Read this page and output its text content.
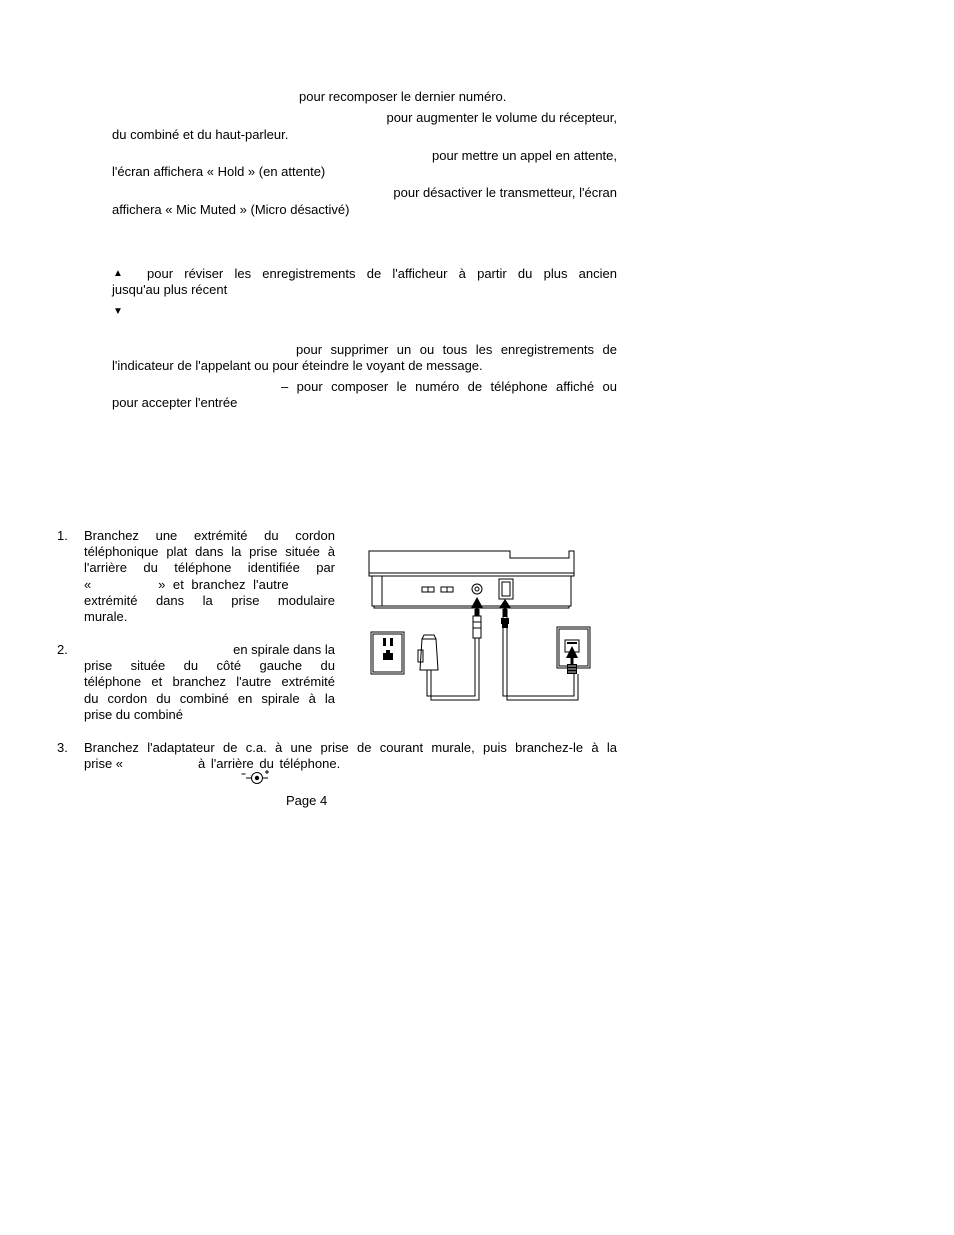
pour recomposer le dernier numéro.
pour augmenter le volume du récepteur,
du combiné et du haut-parleur.
pour mettre un appel en attente,
l'écran affichera « Hold » (en attente)
pour désactiver le transmetteur, l'écran
affichera « Mic Muted » (Micro désactivé)
▲ pour réviser les enregistrements de l'afficheur à partir du plus ancien
jusqu'au plus récent
▼
pour supprimer un ou tous les enregistrements de
l'indicateur de l'appelant ou pour éteindre le voyant de message.
– pour composer le numéro de téléphone affiché ou
pour accepter l'entrée
1. Branchez une extrémité du cordon
téléphonique plat dans la prise située à
l'arrière du téléphone identifiée par
«                  »  et  branchez  l'autre
extrémité dans la prise modulaire
murale.
2.	en spirale dans la
prise située du côté gauche du
téléphone et branchez l'autre extrémité
du cordon du combiné en spirale à la
prise du combiné
3. Branchez l'adaptateur de c.a. à une prise de courant murale, puis branchez-le à la
prise «	à l'arrière du téléphone.
Page 4
